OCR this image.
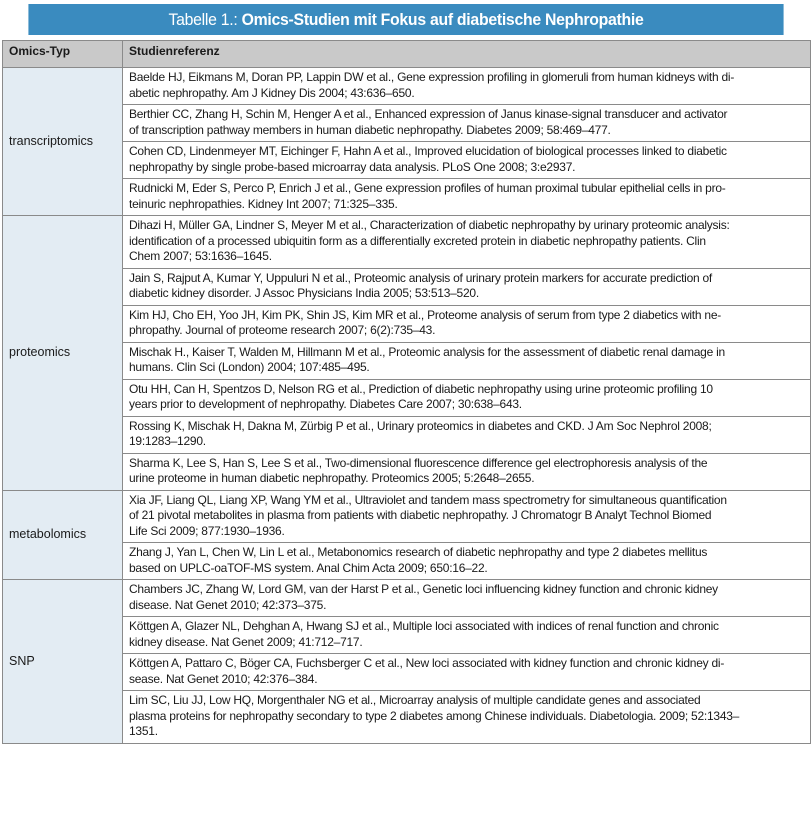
Tabelle 1.: Omics-Studien mit Fokus auf diabetische Nephropathie
Omics-Typ	Studienreferenz
transcriptomics	Baelde HJ, Eikmans M, Doran PP, Lappin DW et al., Gene expression profiling in glomeruli from human kidneys with di-
abetic nephropathy. Am J Kidney Dis 2004; 43:636–650.

	Berthier CC, Zhang H, Schin M, Henger A et al., Enhanced expression of Janus kinase-signal transducer and activator
of transcription pathway members in human diabetic nephropathy. Diabetes 2009; 58:469–477.

	Cohen CD, Lindenmeyer MT, Eichinger F, Hahn A et al., Improved elucidation of biological processes linked to diabetic
nephropathy by single probe-based microarray data analysis. PLoS One 2008; 3:e2937.

	Rudnicki M, Eder S, Perco P, Enrich J et al., Gene expression profiles of human proximal tubular epithelial cells in pro-
teinuric nephropathies. Kidney Int 2007; 71:325–335.

proteomics	Dihazi H, Müller GA, Lindner S, Meyer M et al., Characterization of diabetic nephropathy by urinary proteomic analysis:
identification of a processed ubiquitin form as a differentially excreted protein in diabetic nephropathy patients. Clin
Chem 2007; 53:1636–1645.

	Jain S, Rajput A, Kumar Y, Uppuluri N et al., Proteomic analysis of urinary protein markers for accurate prediction of
diabetic kidney disorder. J Assoc Physicians India 2005; 53:513–520.

	Kim HJ, Cho EH, Yoo JH, Kim PK, Shin JS, Kim MR et al., Proteome analysis of serum from type 2 diabetics with ne-
phropathy. Journal of proteome research 2007; 6(2):735–43.

	Mischak H., Kaiser T, Walden M, Hillmann M et al., Proteomic analysis for the assessment of diabetic renal damage in
humans. Clin Sci (London) 2004; 107:485–495.

	Otu HH, Can H, Spentzos D, Nelson RG et al., Prediction of diabetic nephropathy using urine proteomic profiling 10
years prior to development of nephropathy. Diabetes Care 2007; 30:638–643.

	Rossing K, Mischak H, Dakna M, Zürbig P et al., Urinary proteomics in diabetes and CKD. J Am Soc Nephrol 2008;
19:1283–1290.

	Sharma K, Lee S, Han S, Lee S et al., Two-dimensional fluorescence difference gel electrophoresis analysis of the
urine proteome in human diabetic nephropathy. Proteomics 2005; 5:2648–2655.

metabolomics	Xia JF, Liang QL, Liang XP, Wang YM et al., Ultraviolet and tandem mass spectrometry for simultaneous quantification
of 21 pivotal metabolites in plasma from patients with diabetic nephropathy. J Chromatogr B Analyt Technol Biomed
Life Sci 2009; 877:1930–1936.

	Zhang J, Yan L, Chen W, Lin L et al., Metabonomics research of diabetic nephropathy and type 2 diabetes mellitus
based on UPLC-oaTOF-MS system. Anal Chim Acta 2009; 650:16–22.

SNP	Chambers JC, Zhang W, Lord GM, van der Harst P et al., Genetic loci influencing kidney function and chronic kidney
disease. Nat Genet 2010; 42:373–375.

	Köttgen A, Glazer NL, Dehghan A, Hwang SJ et al., Multiple loci associated with indices of renal function and chronic
kidney disease. Nat Genet 2009; 41:712–717.

	Köttgen A, Pattaro C, Böger CA, Fuchsberger C et al., New loci associated with kidney function and chronic kidney di-
sease. Nat Genet 2010; 42:376–384.

	Lim SC, Liu JJ, Low HQ, Morgenthaler NG et al., Microarray analysis of multiple candidate genes and associated
plasma proteins for nephropathy secondary to type 2 diabetes among Chinese individuals. Diabetologia. 2009; 52:1343–
1351.
